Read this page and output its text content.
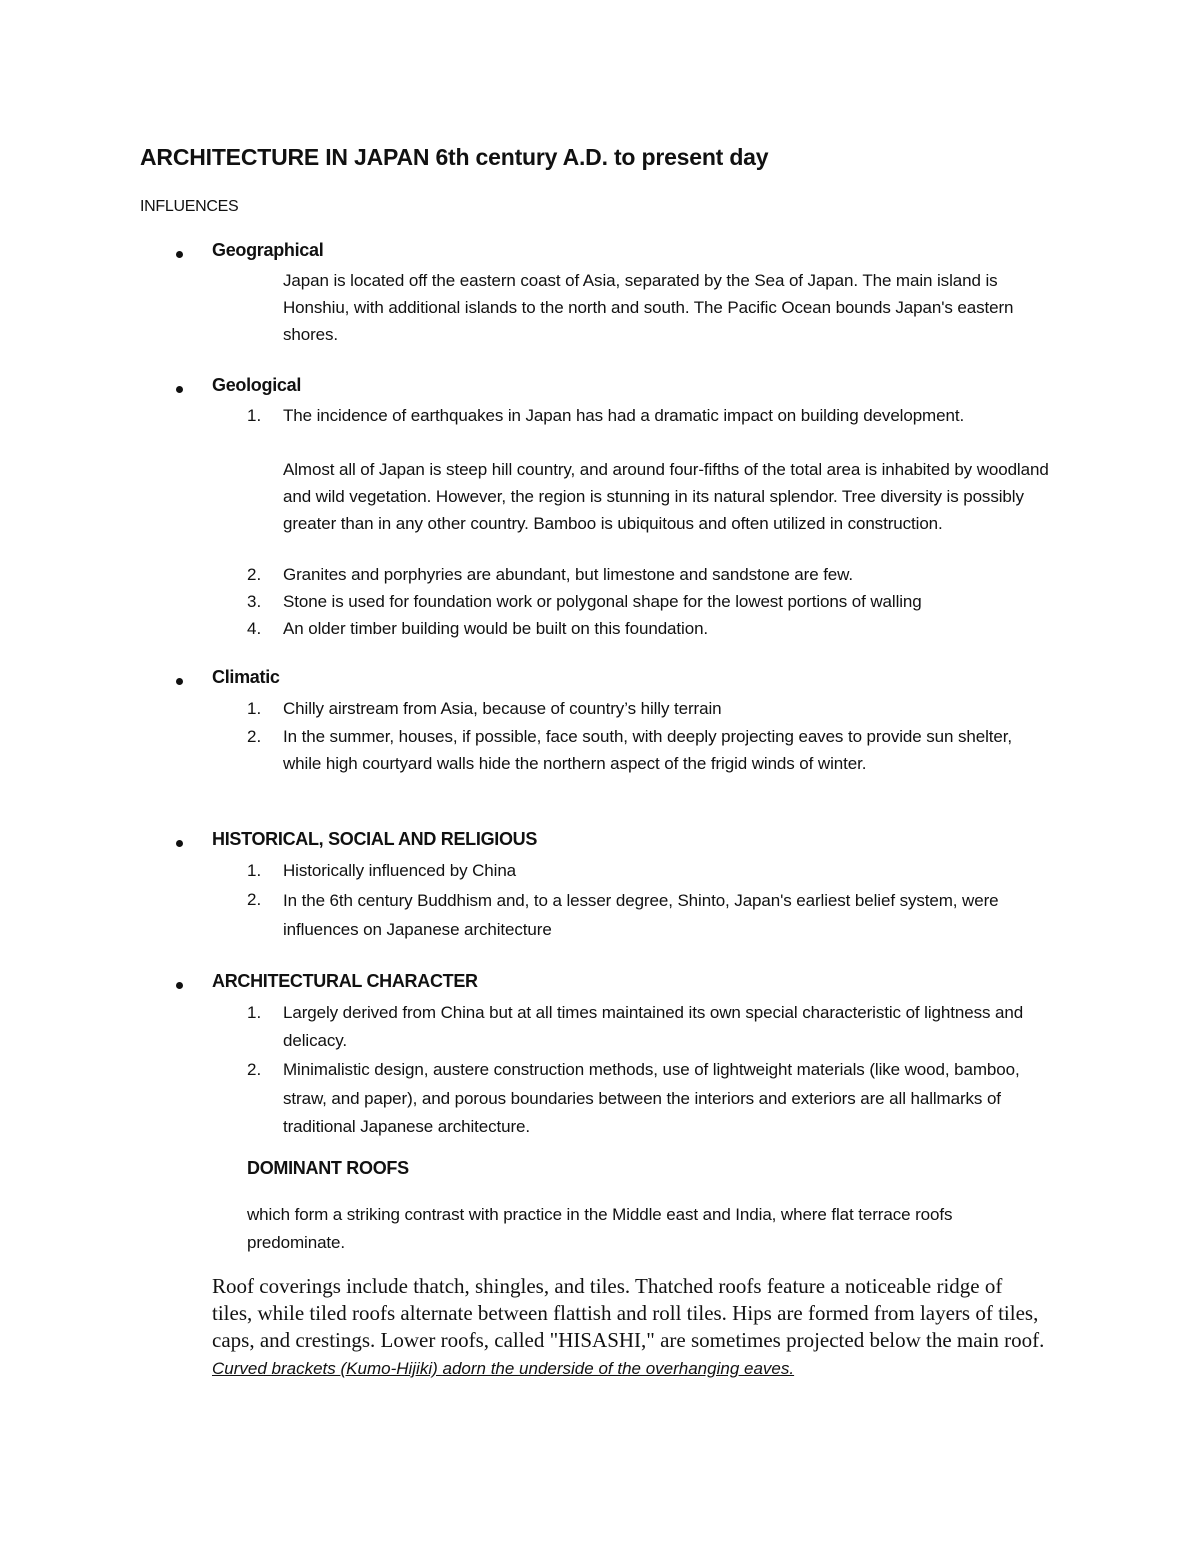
ARCHITECTURE IN JAPAN 6th century A.D. to present day
INFLUENCES
Geographical
Japan is located off the eastern coast of Asia, separated by the Sea of Japan. The main island is Honshiu, with additional islands to the north and south. The Pacific Ocean bounds Japan's eastern shores.
Geological
1.	The incidence of earthquakes in Japan has had a dramatic impact on building development.
Almost all of Japan is steep hill country, and around four-fifths of the total area is inhabited by woodland and wild vegetation. However, the region is stunning in its natural splendor. Tree diversity is possibly greater than in any other country. Bamboo is ubiquitous and often utilized in construction.
2.	Granites and porphyries are abundant, but limestone and sandstone are few.
3.	Stone is used for foundation work or polygonal shape for the lowest portions of walling
4.	An older timber building would be built on this foundation.
Climatic
1.	Chilly airstream from Asia, because of country’s hilly terrain
2.	In the summer, houses, if possible, face south, with deeply projecting eaves to provide sun shelter, while high courtyard walls hide the northern aspect of the frigid winds of winter.
HISTORICAL, SOCIAL AND RELIGIOUS
1.	Historically influenced by China
2.	In the 6th century Buddhism and, to a lesser degree, Shinto, Japan's earliest belief system, were influences on Japanese architecture
ARCHITECTURAL CHARACTER
1.	Largely derived from China but at all times maintained its own special characteristic of lightness and delicacy.
2.	Minimalistic design, austere construction methods, use of lightweight materials (like wood, bamboo, straw, and paper), and porous boundaries between the interiors and exteriors are all hallmarks of traditional Japanese architecture.
DOMINANT ROOFS
which form a striking contrast with practice in the Middle east and India, where flat terrace roofs predominate.
Roof coverings include thatch, shingles, and tiles. Thatched roofs feature a noticeable ridge of tiles, while tiled roofs alternate between flattish and roll tiles. Hips are formed from layers of tiles, caps, and crestings. Lower roofs, called "HISASHI," are sometimes projected below the main roof. Curved brackets (Kumo-Hijiki) adorn the underside of the overhanging eaves.
